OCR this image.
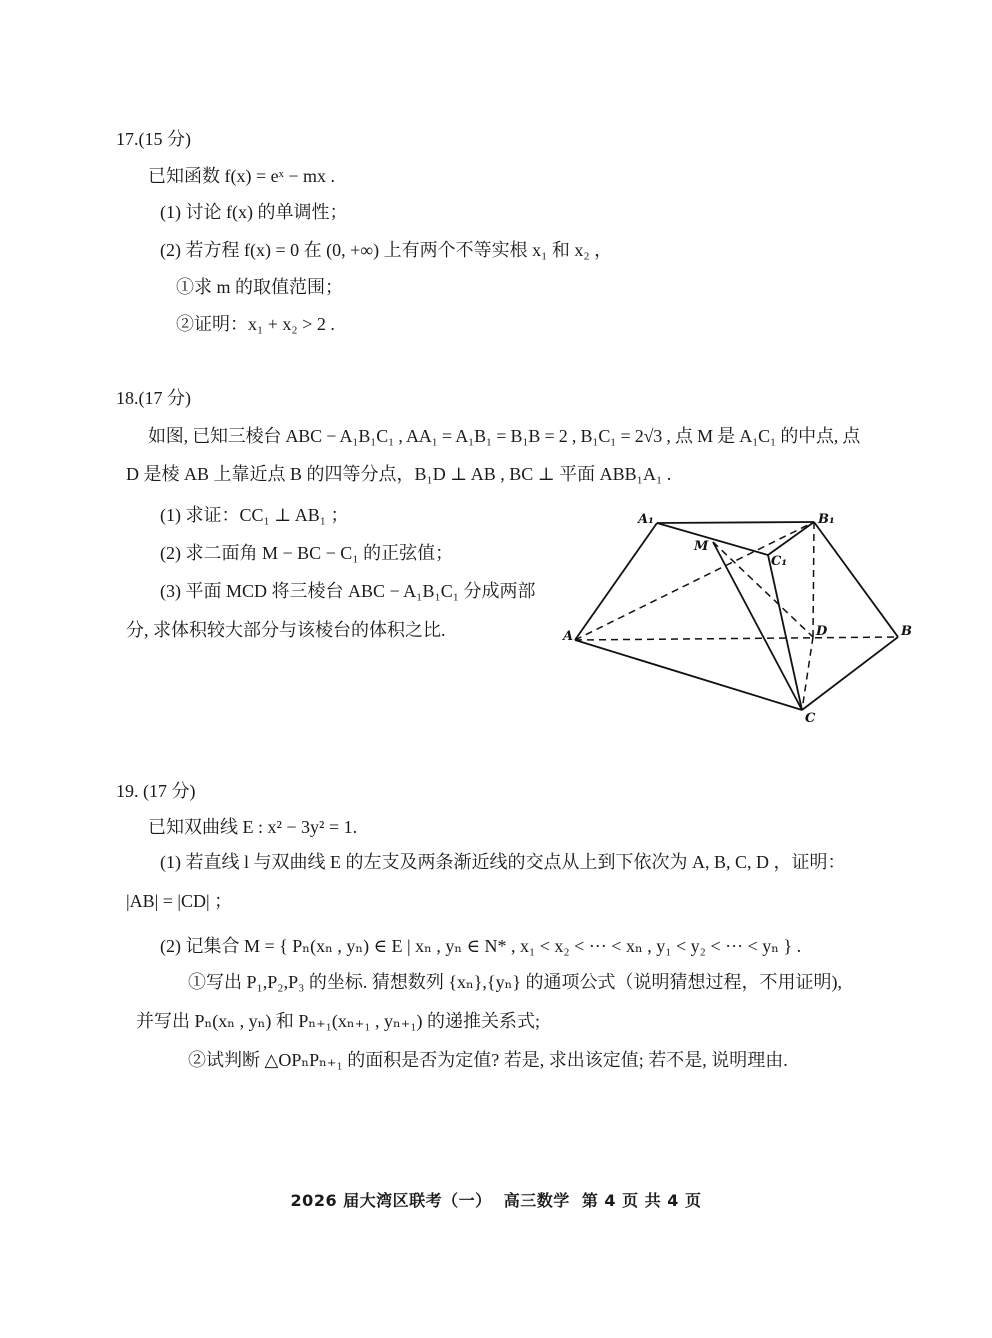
17.(15 分)
已知函数 f(x) = eˣ − mx .
(1) 讨论 f(x) 的单调性；
(2) 若方程 f(x) = 0 在 (0, +∞) 上有两个不等实根 x₁ 和 x₂ ，
①求 m 的取值范围；
②证明：x₁ + x₂ > 2 .
18.(17 分)
如图, 已知三棱台 ABC − A₁B₁C₁ , AA₁ = A₁B₁ = B₁B = 2 , B₁C₁ = 2√3 , 点 M 是 A₁C₁ 的中点, 点
D 是棱 AB 上靠近点 B 的四等分点，B₁D ⊥ AB , BC ⊥ 平面 ABB₁A₁ .
(1) 求证：CC₁ ⊥ AB₁ ；
(2) 求二面角 M − BC − C₁ 的正弦值；
(3) 平面 MCD 将三棱台 ABC − A₁B₁C₁ 分成两部
分, 求体积较大部分与该棱台的体积之比.
A₁	B₁
M
C₁
A	D	B
C
19. (17 分)
已知双曲线 E : x² − 3y² = 1.
(1) 若直线 l 与双曲线 E 的左支及两条渐近线的交点从上到下依次为 A, B, C, D ，证明：
|AB| = |CD| ；
(2) 记集合 M = { Pₙ(xₙ , yₙ) ∈ E | xₙ , yₙ ∈ N* , x₁ < x₂ < ··· < xₙ , y₁ < y₂ < ··· < yₙ } .
①写出 P₁,P₂,P₃ 的坐标. 猜想数列 {xₙ},{yₙ} 的通项公式（说明猜想过程，不用证明),
并写出 Pₙ(xₙ , yₙ) 和 Pₙ₊₁(xₙ₊₁ , yₙ₊₁) 的递推关系式;
②试判断 △OPₙPₙ₊₁ 的面积是否为定值? 若是, 求出该定值; 若不是, 说明理由.
2026 届大湾区联考（一） 高三数学 第 4 页 共 4 页
